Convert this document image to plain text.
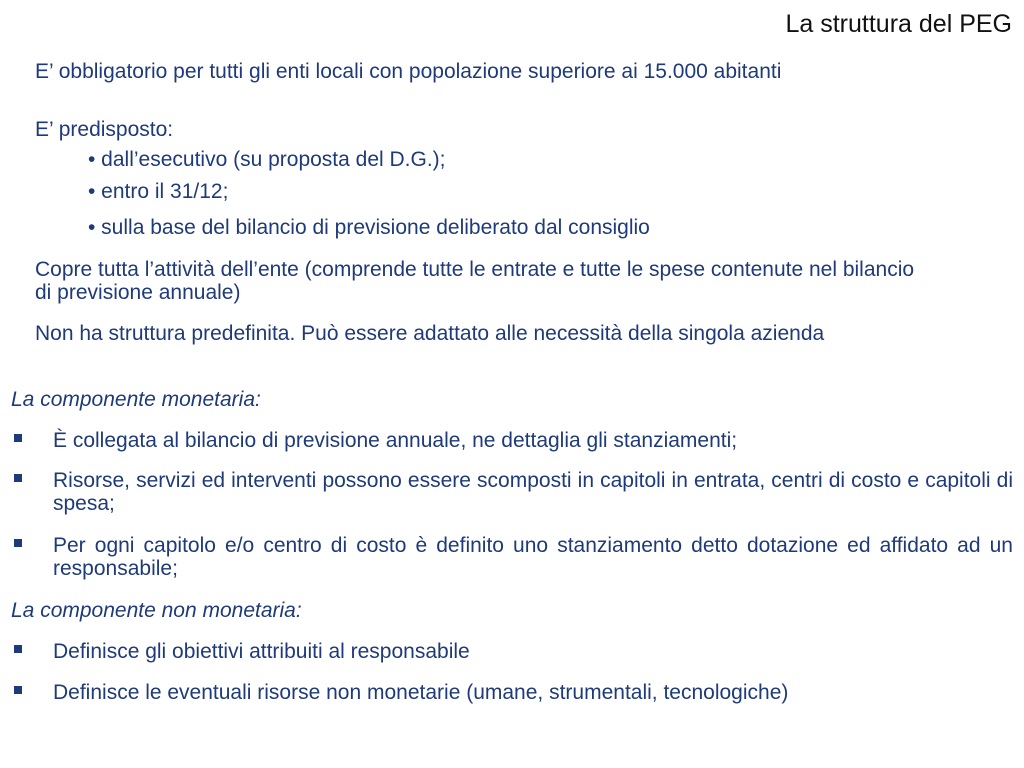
La struttura del PEG
E’ obbligatorio per tutti gli enti locali con popolazione superiore ai 15.000 abitanti
E’ predisposto:
• dall’esecutivo (su proposta del D.G.);
• entro il 31/12;
• sulla base del bilancio di previsione deliberato dal consiglio
Copre tutta l’attività dell’ente (comprende tutte le entrate e tutte le spese contenute nel bilancio di previsione annuale)
Non ha struttura predefinita. Può essere adattato alle necessità della singola azienda
La componente monetaria:
È collegata al bilancio di previsione annuale, ne dettaglia gli stanziamenti;
Risorse, servizi ed interventi possono essere scomposti in capitoli in entrata, centri di costo e capitoli di spesa;
Per ogni capitolo e/o centro di costo è definito uno stanziamento detto dotazione ed affidato ad un responsabile;
La componente non monetaria:
Definisce gli obiettivi attribuiti al responsabile
Definisce le eventuali risorse non monetarie (umane, strumentali, tecnologiche)
